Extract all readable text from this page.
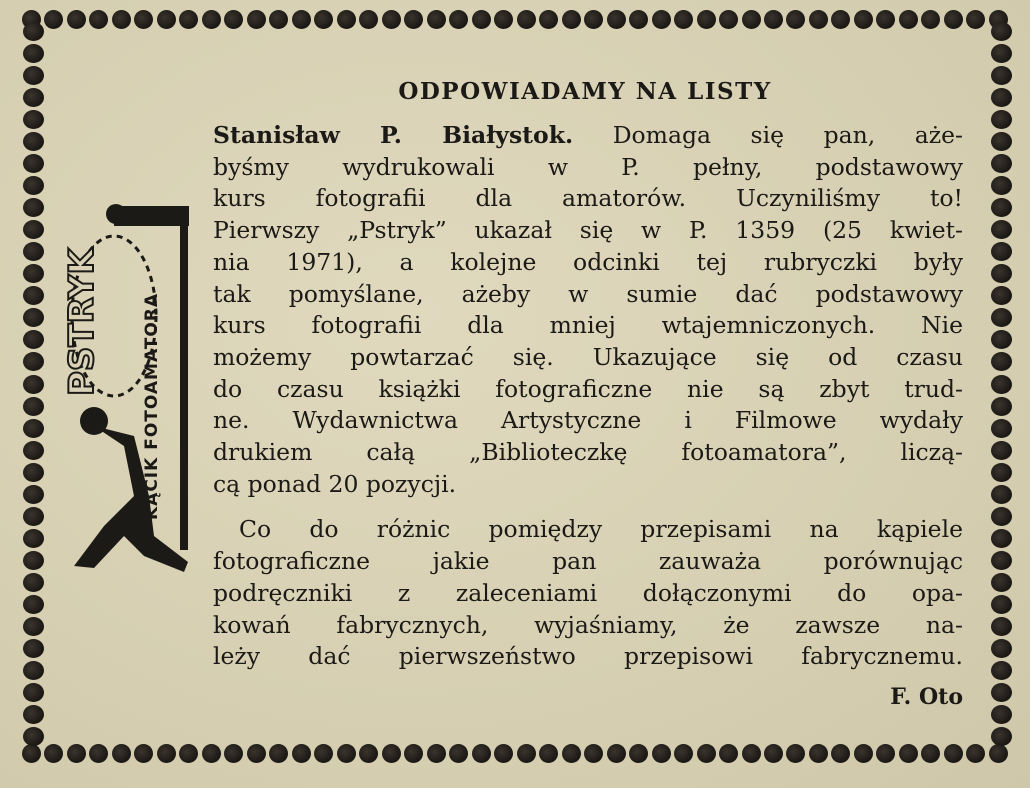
PSTRYK KĄCIK FOTOAMATORA
ODPOWIADAMY NA LISTY
Stanisław P. Białystok. Domaga się pan, aże-
byśmy wydrukowali w P. pełny, podstawowy
kurs fotografii dla amatorów. Uczyniliśmy to!
Pierwszy „Pstryk” ukazał się w P. 1359 (25 kwiet-
nia 1971), a kolejne odcinki tej rubryczki były
tak pomyślane, ażeby w sumie dać podstawowy
kurs fotografii dla mniej wtajemniczonych. Nie
możemy powtarzać się. Ukazujące się od czasu
do czasu książki fotograficzne nie są zbyt trud-
ne. Wydawnictwa Artystyczne i Filmowe wydały
drukiem całą „Biblioteczkę fotoamatora”, liczą-
cą ponad 20 pozycji.
Co do różnic pomiędzy przepisami na kąpiele
fotograficzne jakie pan zauważa porównując
podręczniki z zaleceniami dołączonymi do opa-
kowań fabrycznych, wyjaśniamy, że zawsze na-
leży dać pierwszeństwo przepisowi fabrycznemu.
F. Oto
